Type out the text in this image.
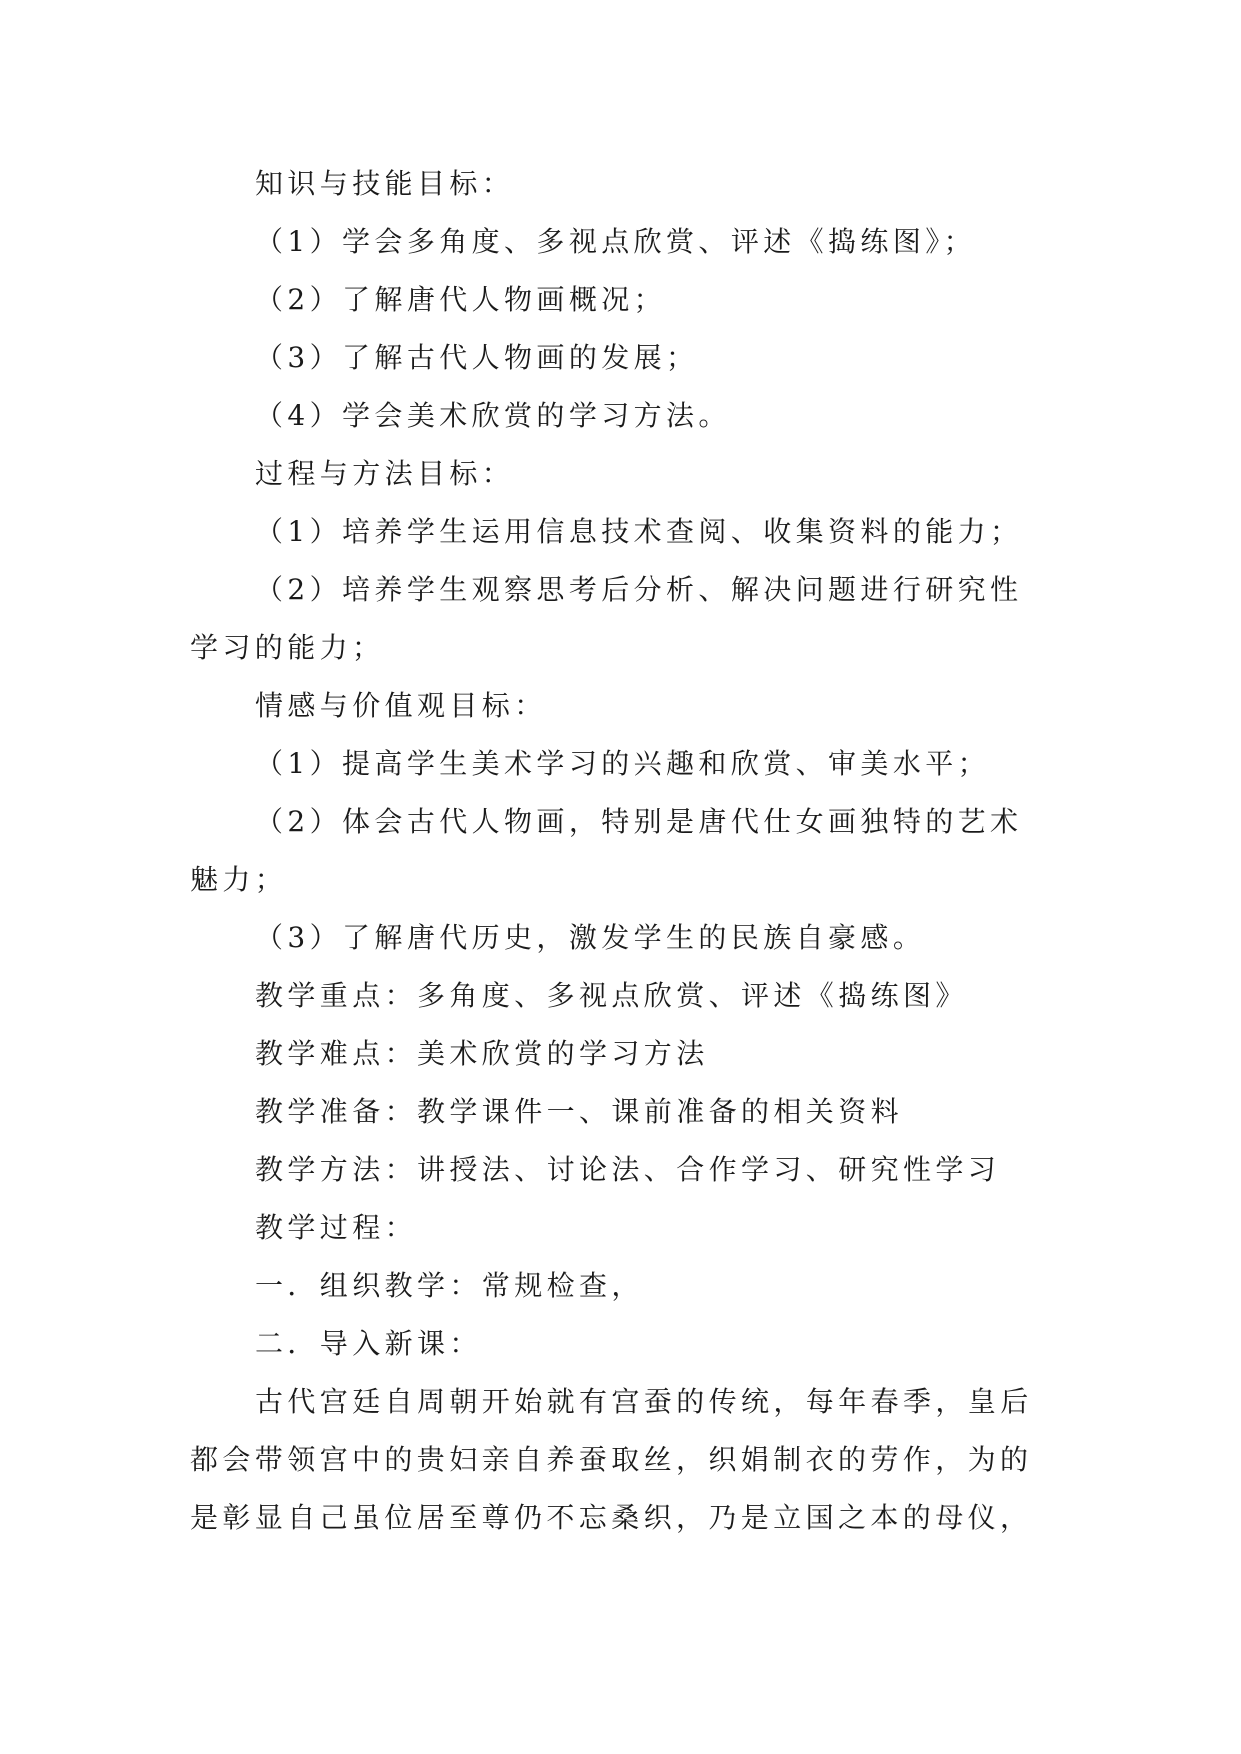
知识与技能目标：
（1）学会多角度、多视点欣赏、评述《捣练图》；
（2）了解唐代人物画概况；
（3）了解古代人物画的发展；
（4）学会美术欣赏的学习方法。
过程与方法目标：
（1）培养学生运用信息技术查阅、收集资料的能力；
（2）培养学生观察思考后分析、解决问题进行研究性
学习的能力；
情感与价值观目标：
（1）提高学生美术学习的兴趣和欣赏、审美水平；
（2）体会古代人物画，特别是唐代仕女画独特的艺术
魅力；
（3）了解唐代历史，激发学生的民族自豪感。
教学重点：多角度、多视点欣赏、评述《捣练图》
教学难点：美术欣赏的学习方法
教学准备：教学课件一、课前准备的相关资料
教学方法：讲授法、讨论法、合作学习、研究性学习
教学过程：
一．组织教学：常规检查，
二．导入新课：
古代宫廷自周朝开始就有宫蚕的传统，每年春季，皇后
都会带领宫中的贵妇亲自养蚕取丝，织娟制衣的劳作，为的
是彰显自己虽位居至尊仍不忘桑织，乃是立国之本的母仪，
